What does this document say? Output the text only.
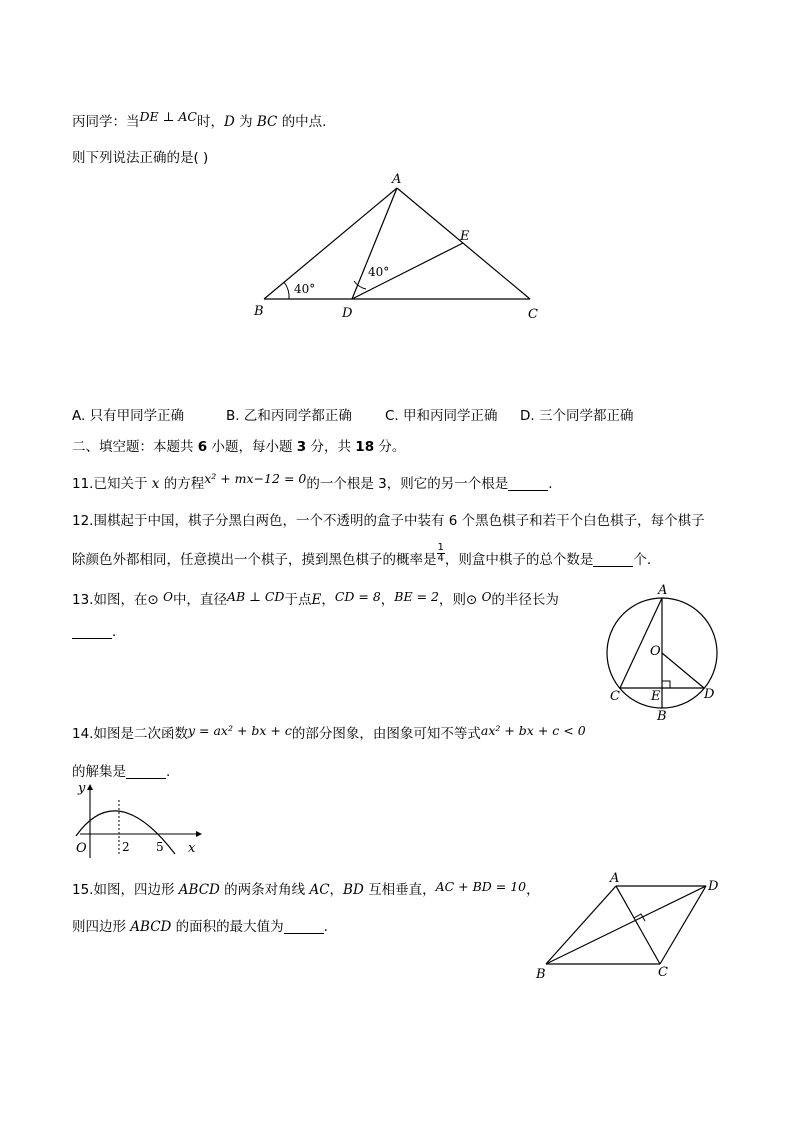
丙同学：当DE ⊥ AC时，D 为 BC 的中点.
则下列说法正确的是( )
A
B	C
D
E
40°
40°
A. 只有甲同学正确	B. 乙和丙同学都正确 C. 甲和丙同学正确 D. 三个同学都正确
二、填空题：本题共 6 小题，每小题 3 分，共 18 分。
11.已知关于 x 的方程x² + mx−12 = 0的一个根是 3，则它的另一个根是	.
12.围棋起于中国，棋子分黑白两色，一个不透明的盒子中装有 6 个黑色棋子和若干个白色棋子，每个棋子
除颜色外都相同，任意摸出一个棋子，摸到黑色棋子的概率是 $\frac{1}{4}$ ，则盒中棋子的总个数是	个.
13.如图，在⊙ O中，直径AB ⊥ CD于点E，CD = 8，BE = 2，则⊙ O的半径长为
.
A
O
C E	D
B
14.如图是二次函数y = ax² + bx + c的部分图象，由图象可知不等式ax² + bx + c < 0
的解集是	.
y
x
O	2 5
15.如图，四边形 ABCD 的两条对角线 AC，BD 互相垂直，AC + BD = 10，
则四边形 ABCD 的面积的最大值为	.
A
D
B	C
